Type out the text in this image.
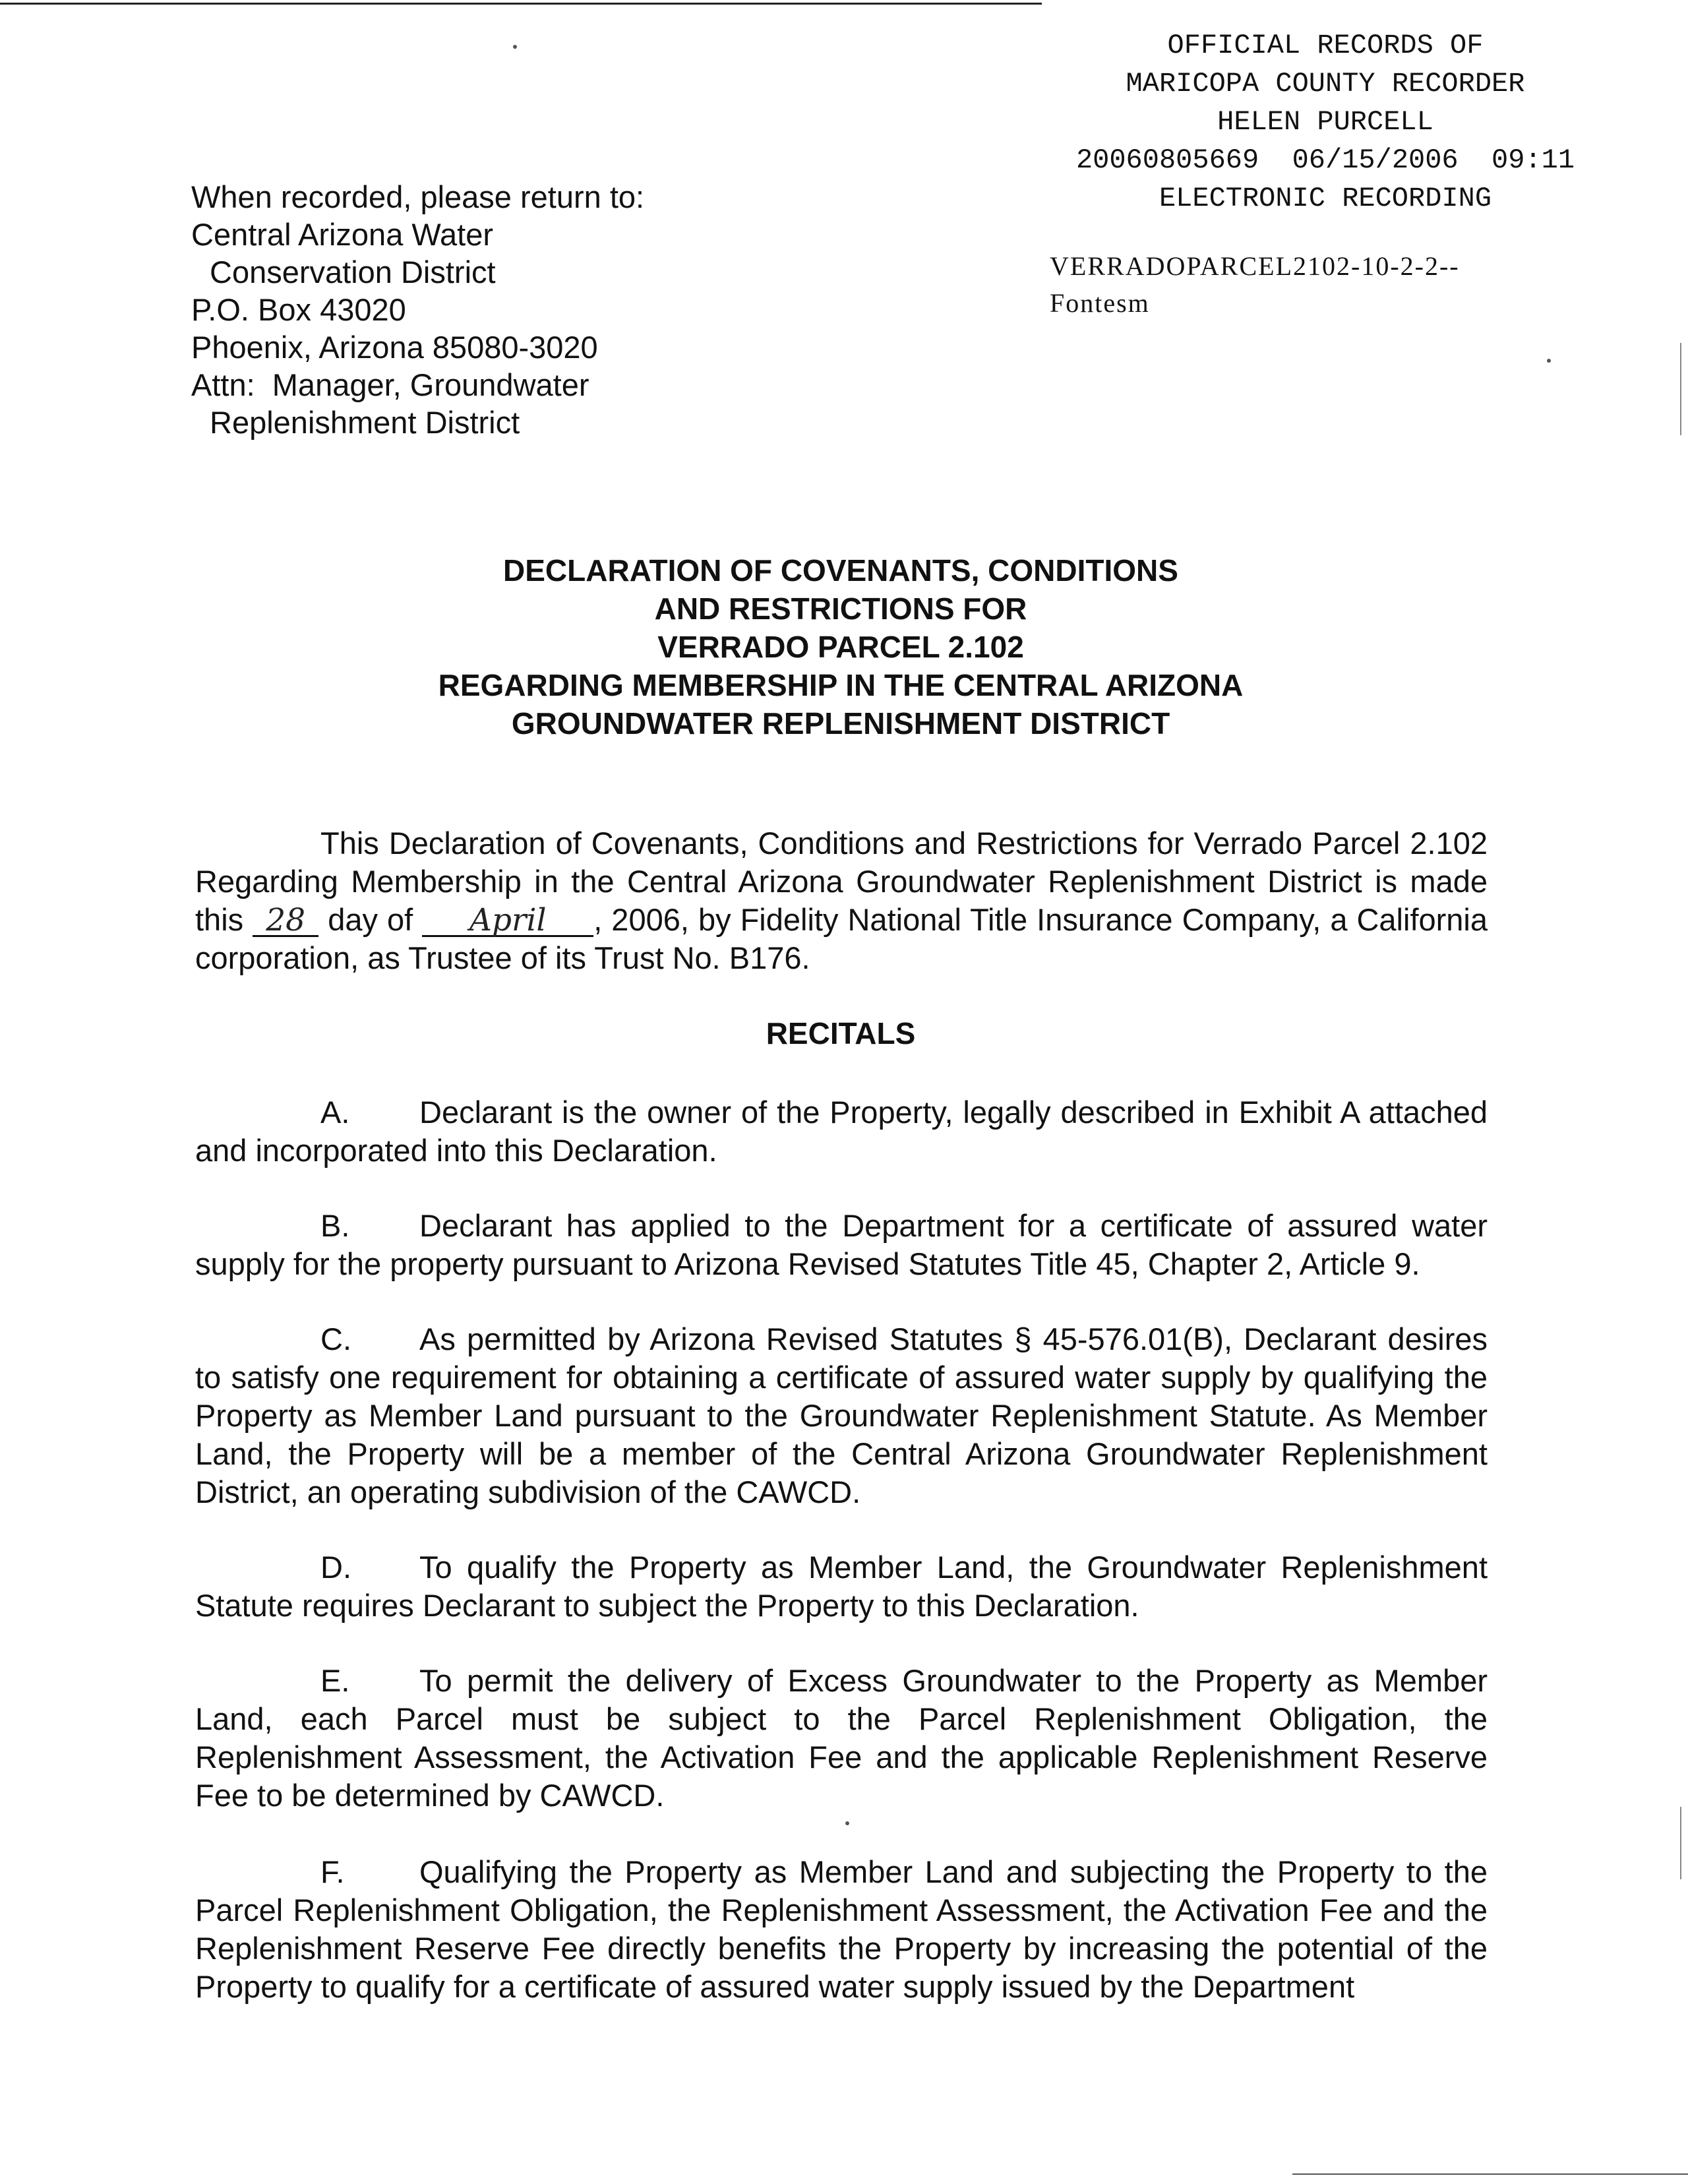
OFFICIAL RECORDS OF
MARICOPA COUNTY RECORDER
HELEN PURCELL
20060805669  06/15/2006  09:11
ELECTRONIC RECORDING
VERRADOPARCEL2102-10-2-2--
Fontesm
When recorded, please return to:
Central Arizona Water
Conservation District
P.O. Box 43020
Phoenix, Arizona 85080-3020
Attn:  Manager, Groundwater
Replenishment District
DECLARATION OF COVENANTS, CONDITIONS
AND RESTRICTIONS FOR
VERRADO PARCEL 2.102
REGARDING MEMBERSHIP IN THE CENTRAL ARIZONA
GROUNDWATER REPLENISHMENT DISTRICT
This Declaration of Covenants, Conditions and Restrictions for Verrado Parcel 2.102 Regarding Membership in the Central Arizona Groundwater Replenishment District is made this 28 day of April , 2006, by Fidelity National Title Insurance Company, a California corporation, as Trustee of its Trust No. B176.
RECITALS
A. Declarant is the owner of the Property, legally described in Exhibit A attached and incorporated into this Declaration.
B. Declarant has applied to the Department for a certificate of assured water supply for the property pursuant to Arizona Revised Statutes Title 45, Chapter 2, Article 9.
C. As permitted by Arizona Revised Statutes § 45-576.01(B), Declarant desires to satisfy one requirement for obtaining a certificate of assured water supply by qualifying the Property as Member Land pursuant to the Groundwater Replenishment Statute. As Member Land, the Property will be a member of the Central Arizona Groundwater Replenishment District, an operating subdivision of the CAWCD.
D. To qualify the Property as Member Land, the Groundwater Replenishment Statute requires Declarant to subject the Property to this Declaration.
E. To permit the delivery of Excess Groundwater to the Property as Member Land, each Parcel must be subject to the Parcel Replenishment Obligation, the Replenishment Assessment, the Activation Fee and the applicable Replenishment Reserve Fee to be determined by CAWCD.
F. Qualifying the Property as Member Land and subjecting the Property to the Parcel Replenishment Obligation, the Replenishment Assessment, the Activation Fee and the Replenishment Reserve Fee directly benefits the Property by increasing the potential of the Property to qualify for a certificate of assured water supply issued by the Department
